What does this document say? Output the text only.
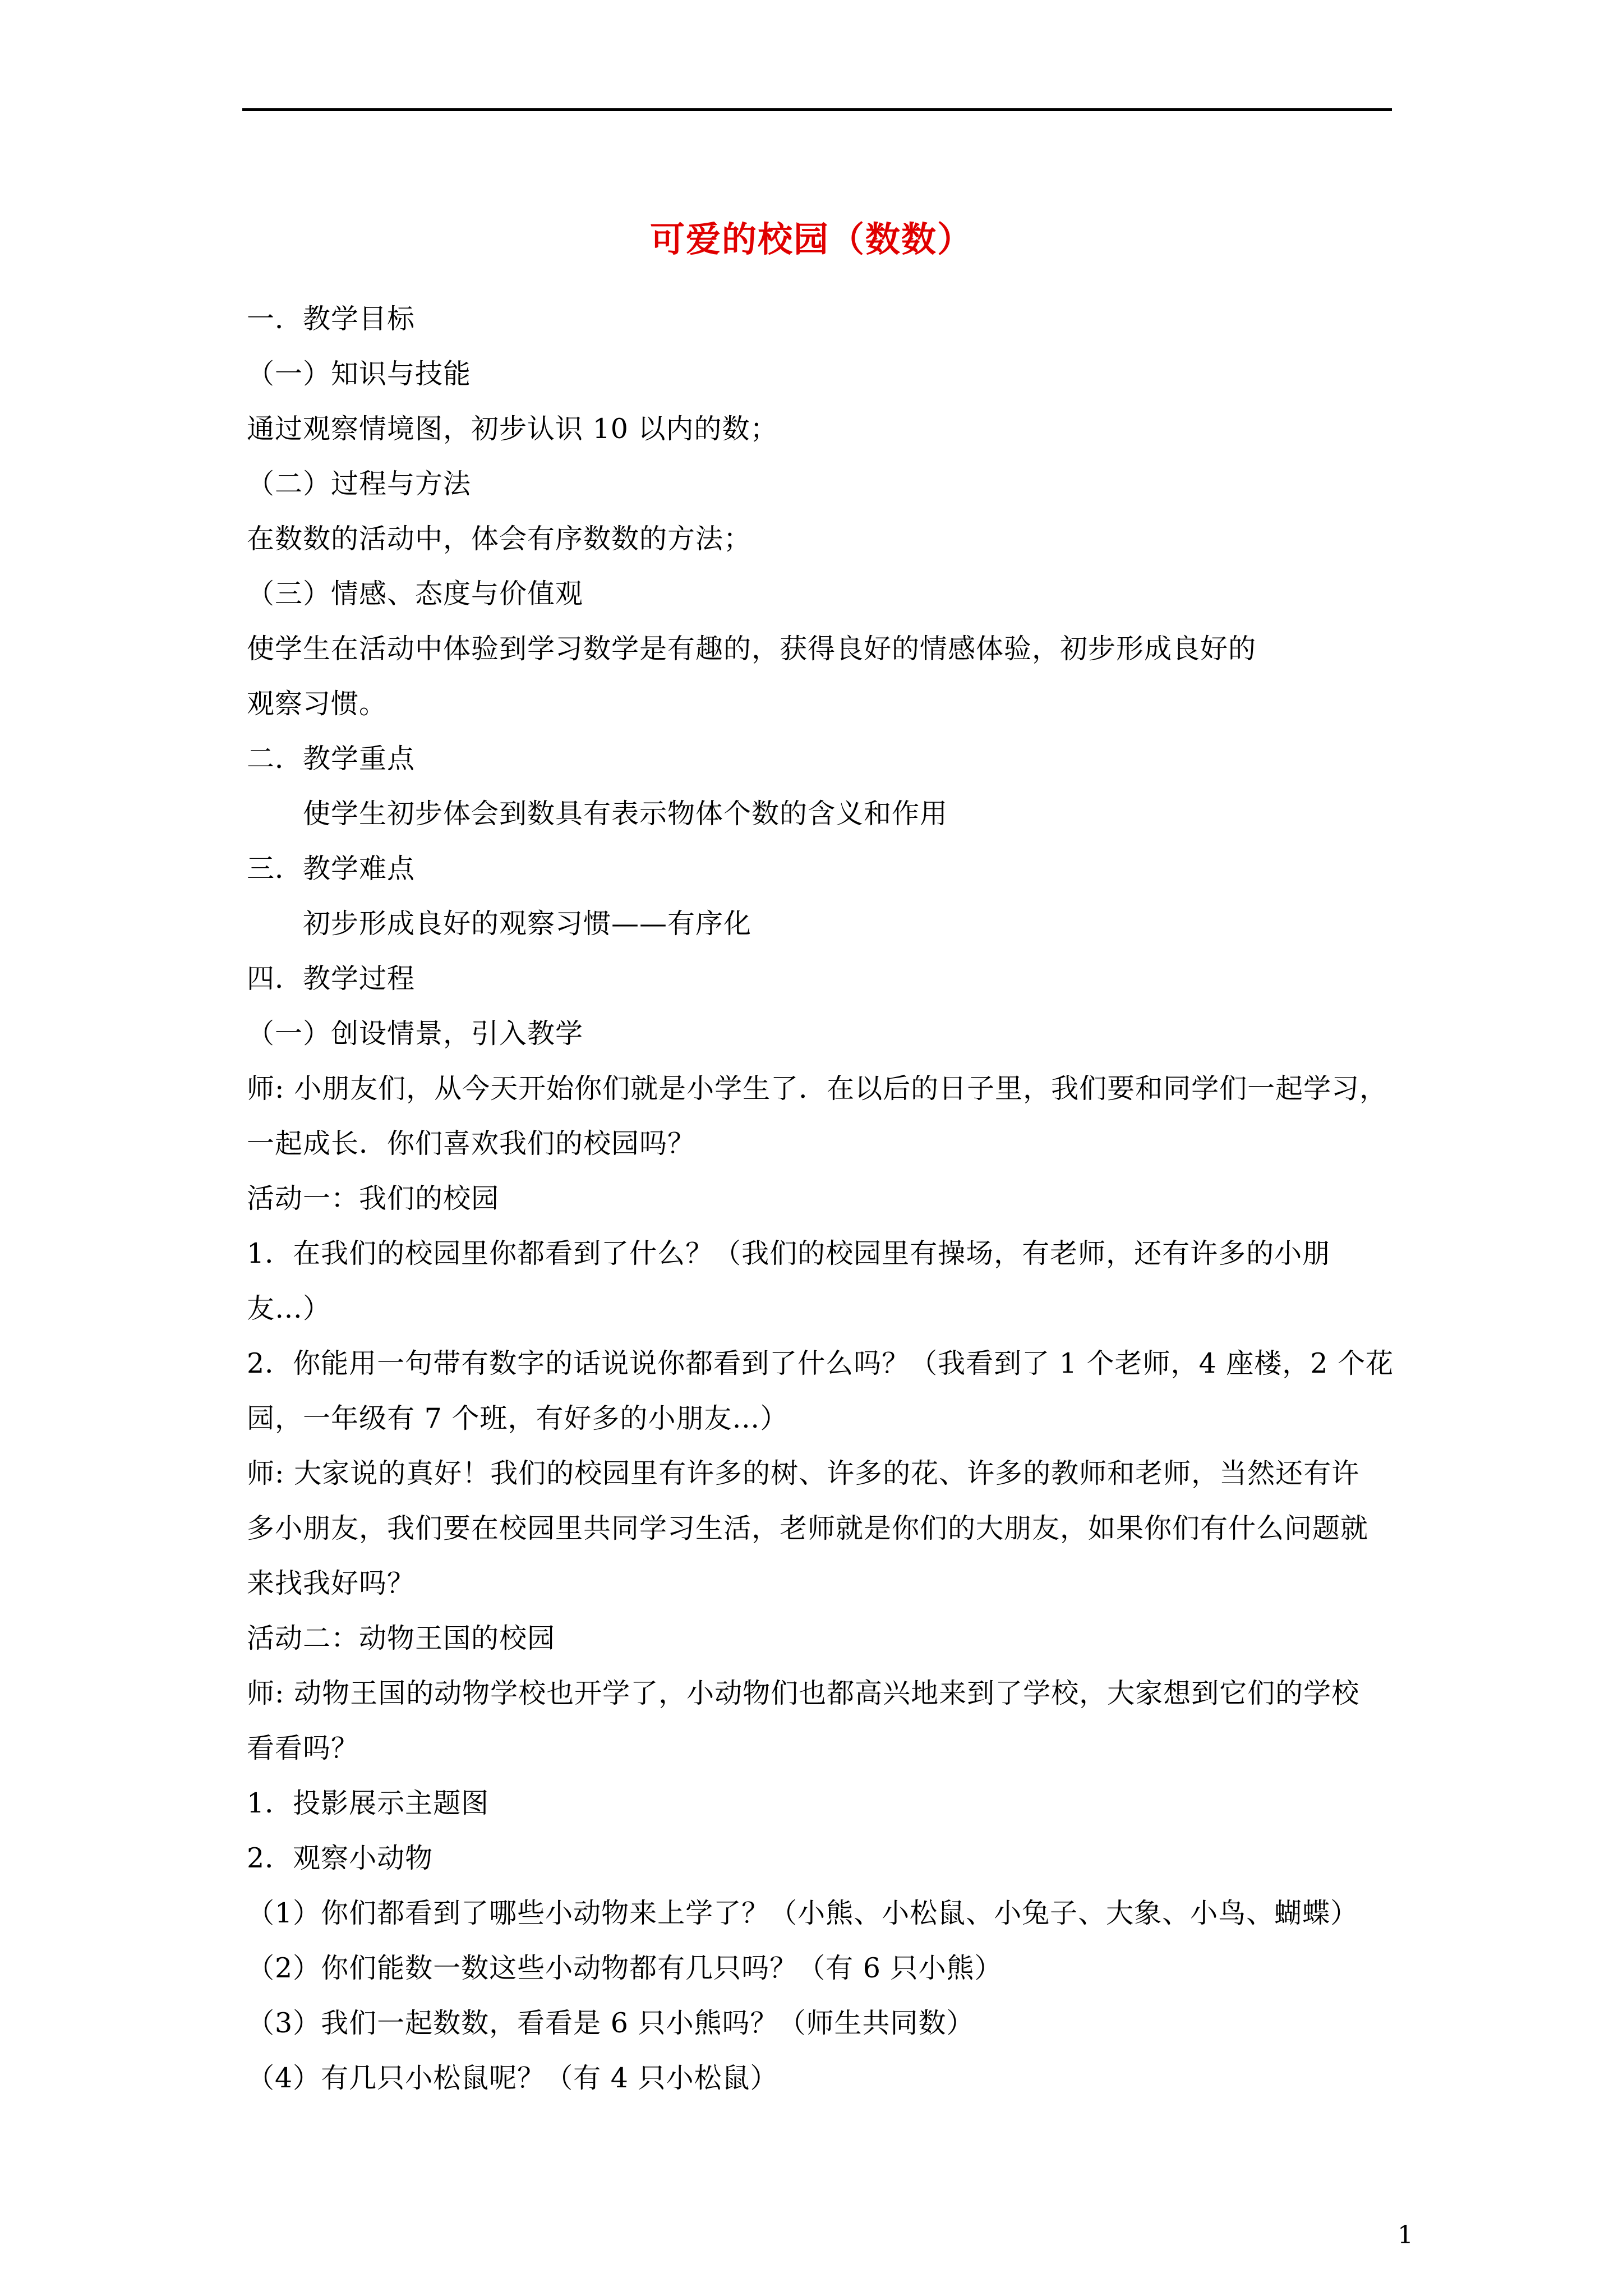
可爱的校园（数数）
一．教学目标
（一）知识与技能
通过观察情境图，初步认识 10 以内的数；
（二）过程与方法
在数数的活动中，体会有序数数的方法；
（三）情感、态度与价值观
使学生在活动中体验到学习数学是有趣的，获得良好的情感体验，初步形成良好的
观察习惯。
二．教学重点
使学生初步体会到数具有表示物体个数的含义和作用
三．教学难点
初步形成良好的观察习惯——有序化
四．教学过程
（一）创设情景，引入教学
师: 小朋友们，从今天开始你们就是小学生了．在以后的日子里，我们要和同学们一起学习，
一起成长．你们喜欢我们的校园吗？
活动一：我们的校园
1．在我们的校园里你都看到了什么？（我们的校园里有操场，有老师，还有许多的小朋
友…）
2．你能用一句带有数字的话说说你都看到了什么吗？（我看到了 1 个老师，4 座楼，2 个花
园，一年级有 7 个班，有好多的小朋友…）
师: 大家说的真好！我们的校园里有许多的树、许多的花、许多的教师和老师，当然还有许
多小朋友，我们要在校园里共同学习生活，老师就是你们的大朋友，如果你们有什么问题就
来找我好吗？
活动二：动物王国的校园
师: 动物王国的动物学校也开学了，小动物们也都高兴地来到了学校，大家想到它们的学校
看看吗？
1．投影展示主题图
2．观察小动物
（1）你们都看到了哪些小动物来上学了？（小熊、小松鼠、小兔子、大象、小鸟、蝴蝶）
（2）你们能数一数这些小动物都有几只吗？（有 6 只小熊）
（3）我们一起数数，看看是 6 只小熊吗？（师生共同数）
（4）有几只小松鼠呢？（有 4 只小松鼠）
1
